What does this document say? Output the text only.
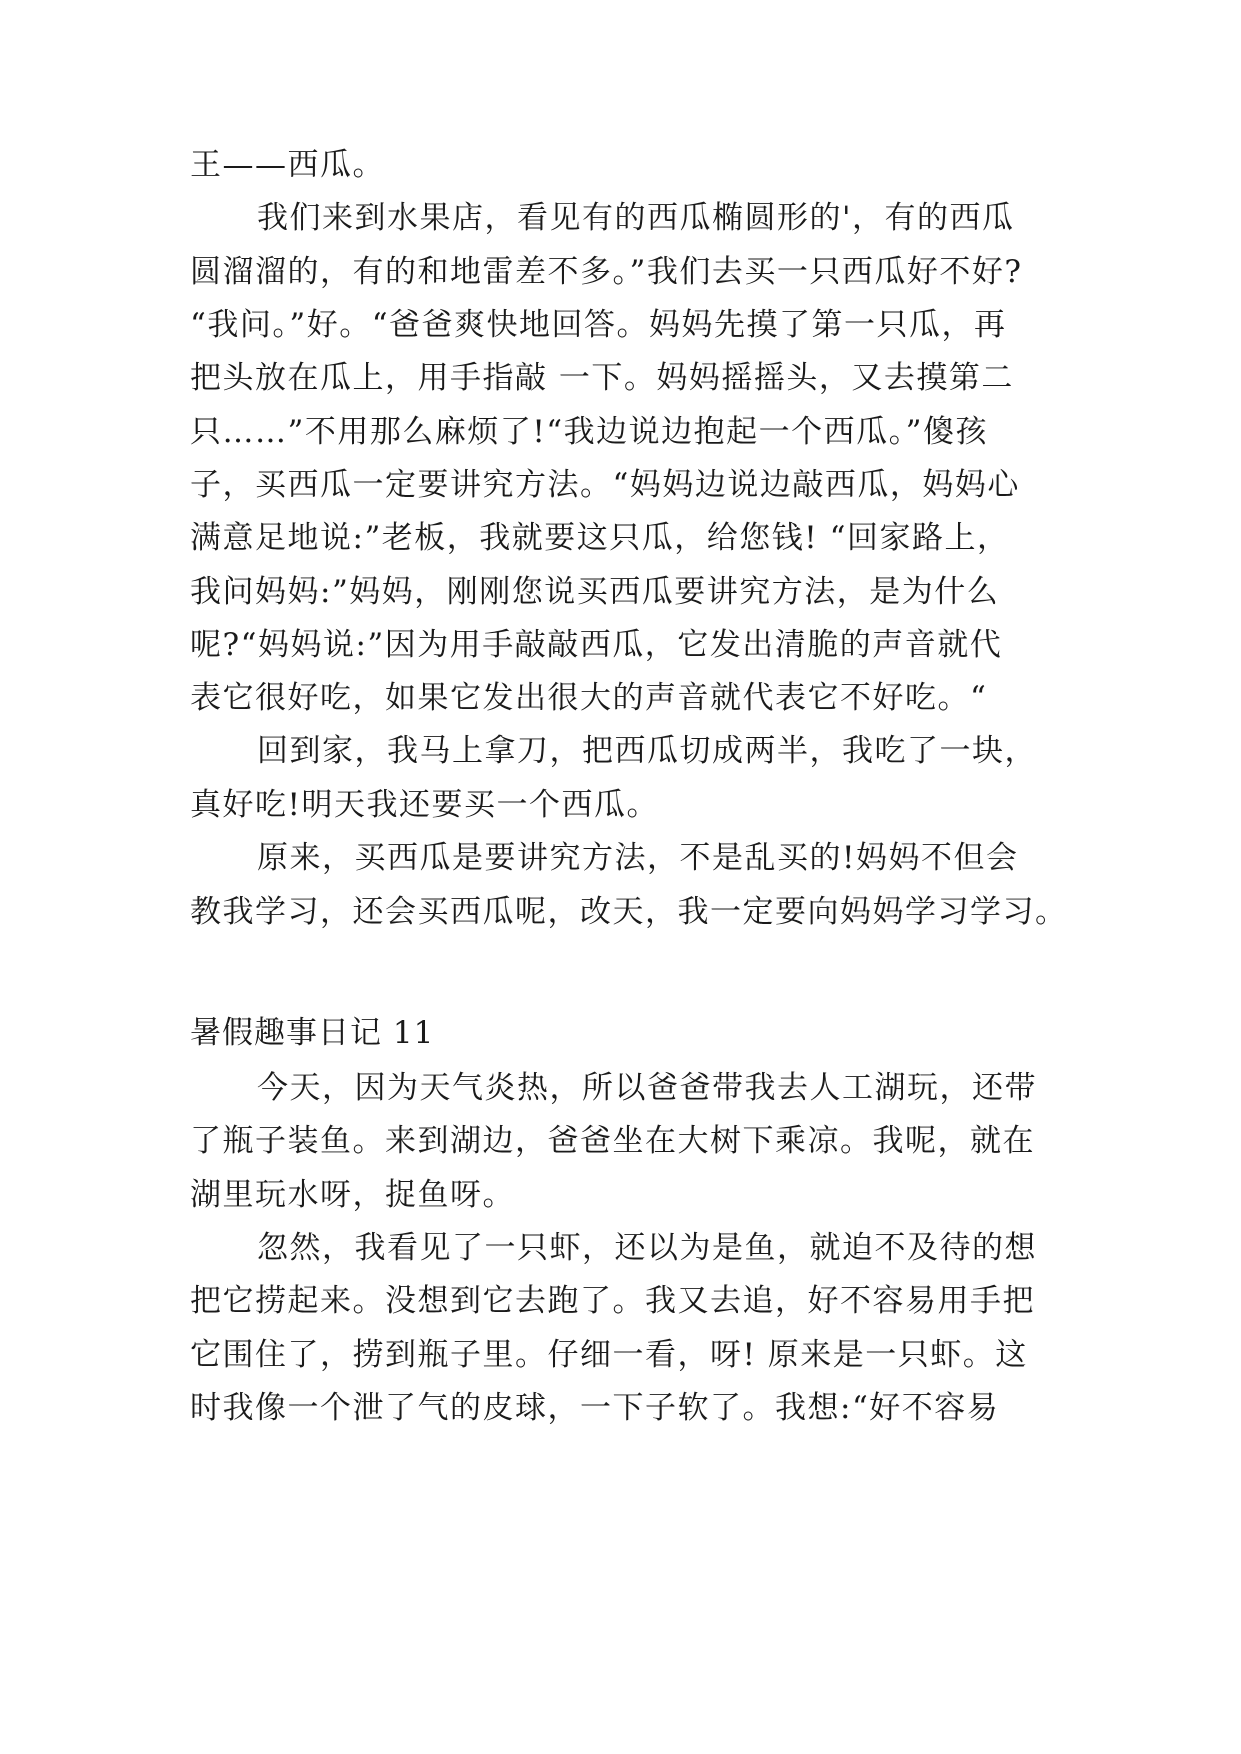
王——西瓜。
我们来到水果店，看见有的西瓜椭圆形的'，有的西瓜
圆溜溜的，有的和地雷差不多。”我们去买一只西瓜好不好?
“我问。”好。“爸爸爽快地回答。妈妈先摸了第一只瓜，再
把头放在瓜上，用手指敲 一下。妈妈摇摇头，又去摸第二
只……”不用那么麻烦了!“我边说边抱起一个西瓜。”傻孩
子，买西瓜一定要讲究方法。“妈妈边说边敲西瓜，妈妈心
满意足地说:”老板，我就要这只瓜，给您钱! “回家路上，
我问妈妈:”妈妈，刚刚您说买西瓜要讲究方法，是为什么
呢?“妈妈说:”因为用手敲敲西瓜，它发出清脆的声音就代
表它很好吃，如果它发出很大的声音就代表它不好吃。“
回到家，我马上拿刀，把西瓜切成两半，我吃了一块，
真好吃!明天我还要买一个西瓜。
原来，买西瓜是要讲究方法，不是乱买的!妈妈不但会
教我学习，还会买西瓜呢，改天，我一定要向妈妈学习学习。
暑假趣事日记 11
今天，因为天气炎热，所以爸爸带我去人工湖玩，还带
了瓶子装鱼。来到湖边，爸爸坐在大树下乘凉。我呢，就在
湖里玩水呀，捉鱼呀。
忽然，我看见了一只虾，还以为是鱼，就迫不及待的想
把它捞起来。没想到它去跑了。我又去追，好不容易用手把
它围住了，捞到瓶子里。仔细一看，呀! 原来是一只虾。这
时我像一个泄了气的皮球，一下子软了。我想:“好不容易
